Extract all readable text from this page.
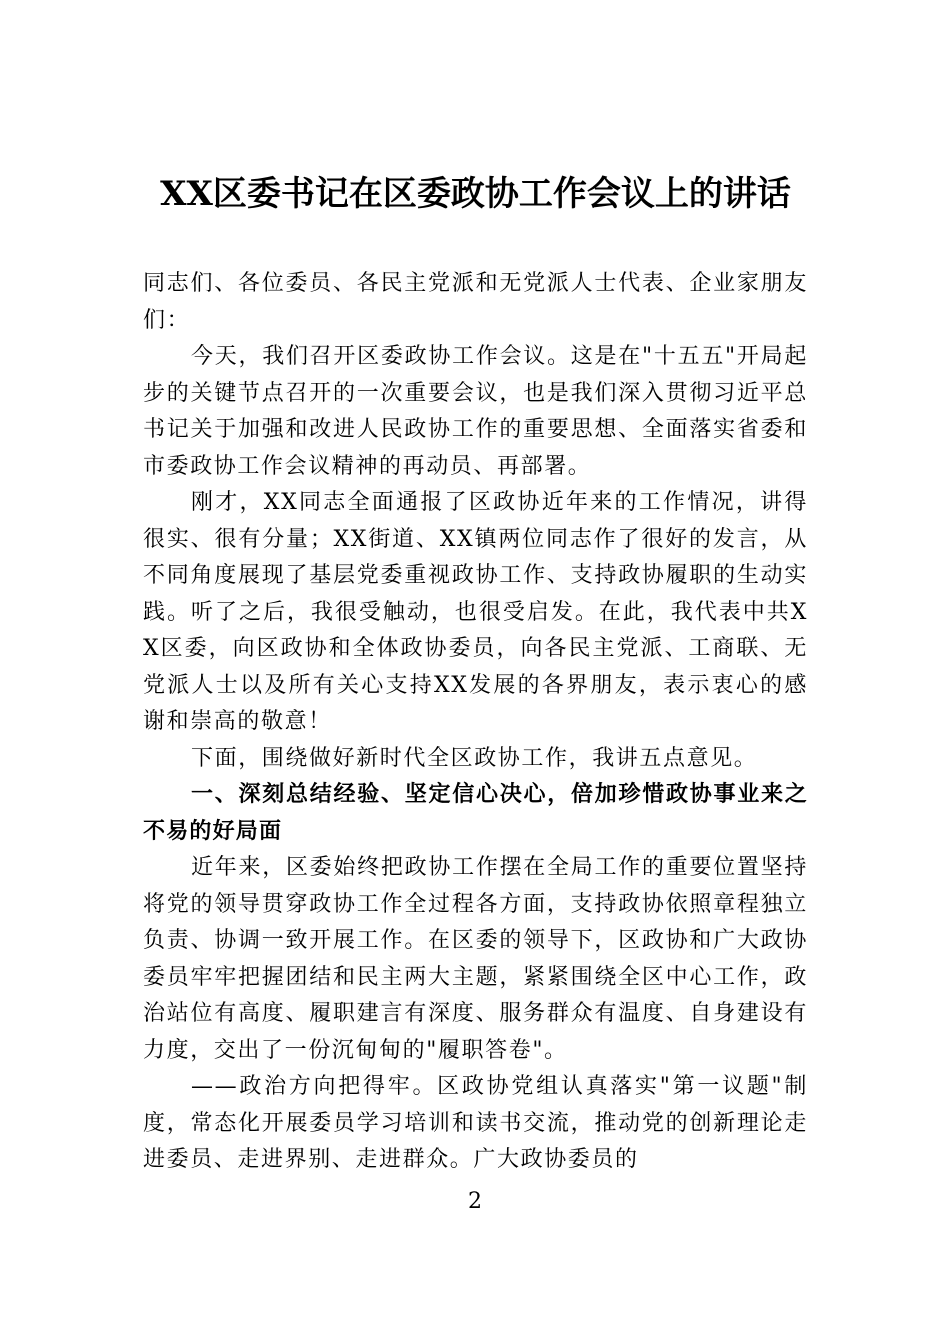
XX区委书记在区委政协工作会议上的讲话

同志们、各位委员、各民主党派和无党派人士代表、企业家朋友们：

今天，我们召开区委政协工作会议。这是在"十五五"开局起步的关键节点召开的一次重要会议，也是我们深入贯彻习近平总书记关于加强和改进人民政协工作的重要思想、全面落实省委和市委政协工作会议精神的再动员、再部署。

刚才，XX同志全面通报了区政协近年来的工作情况，讲得很实、很有分量；XX街道、XX镇两位同志作了很好的发言，从不同角度展现了基层党委重视政协工作、支持政协履职的生动实践。听了之后，我很受触动，也很受启发。在此，我代表中共XX区委，向区政协和全体政协委员，向各民主党派、工商联、无党派人士以及所有关心支持XX发展的各界朋友，表示衷心的感谢和崇高的敬意！

下面，围绕做好新时代全区政协工作，我讲五点意见。

一、深刻总结经验、坚定信心决心，倍加珍惜政协事业来之不易的好局面

近年来，区委始终把政协工作摆在全局工作的重要位置坚持将党的领导贯穿政协工作全过程各方面，支持政协依照章程独立负责、协调一致开展工作。在区委的领导下，区政协和广大政协委员牢牢把握团结和民主两大主题，紧紧围绕全区中心工作，政治站位有高度、履职建言有深度、服务群众有温度、自身建设有力度，交出了一份沉甸甸的"履职答卷"。

——政治方向把得牢。区政协党组认真落实"第一议题"制度，常态化开展委员学习培训和读书交流，推动党的创新理论走进委员、走进界别、走进群众。广大政协委员的

2
